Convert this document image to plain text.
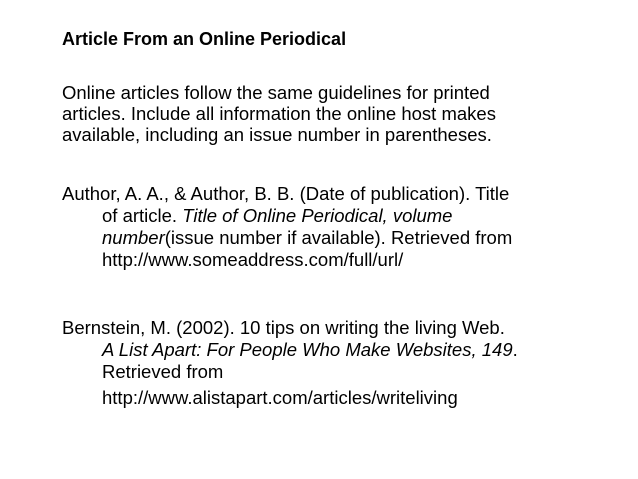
Article From an Online Periodical
Online articles follow the same guidelines for printed
articles. Include all information the online host makes
available, including an issue number in parentheses.
Author, A. A., & Author, B. B. (Date of publication). Title
of article. Title of Online Periodical, volume
number(issue number if available). Retrieved from
http://www.someaddress.com/full/url/
Bernstein, M. (2002). 10 tips on writing the living Web.
A List Apart: For People Who Make Websites, 149.
Retrieved from
http://www.alistapart.com/articles/writeliving
